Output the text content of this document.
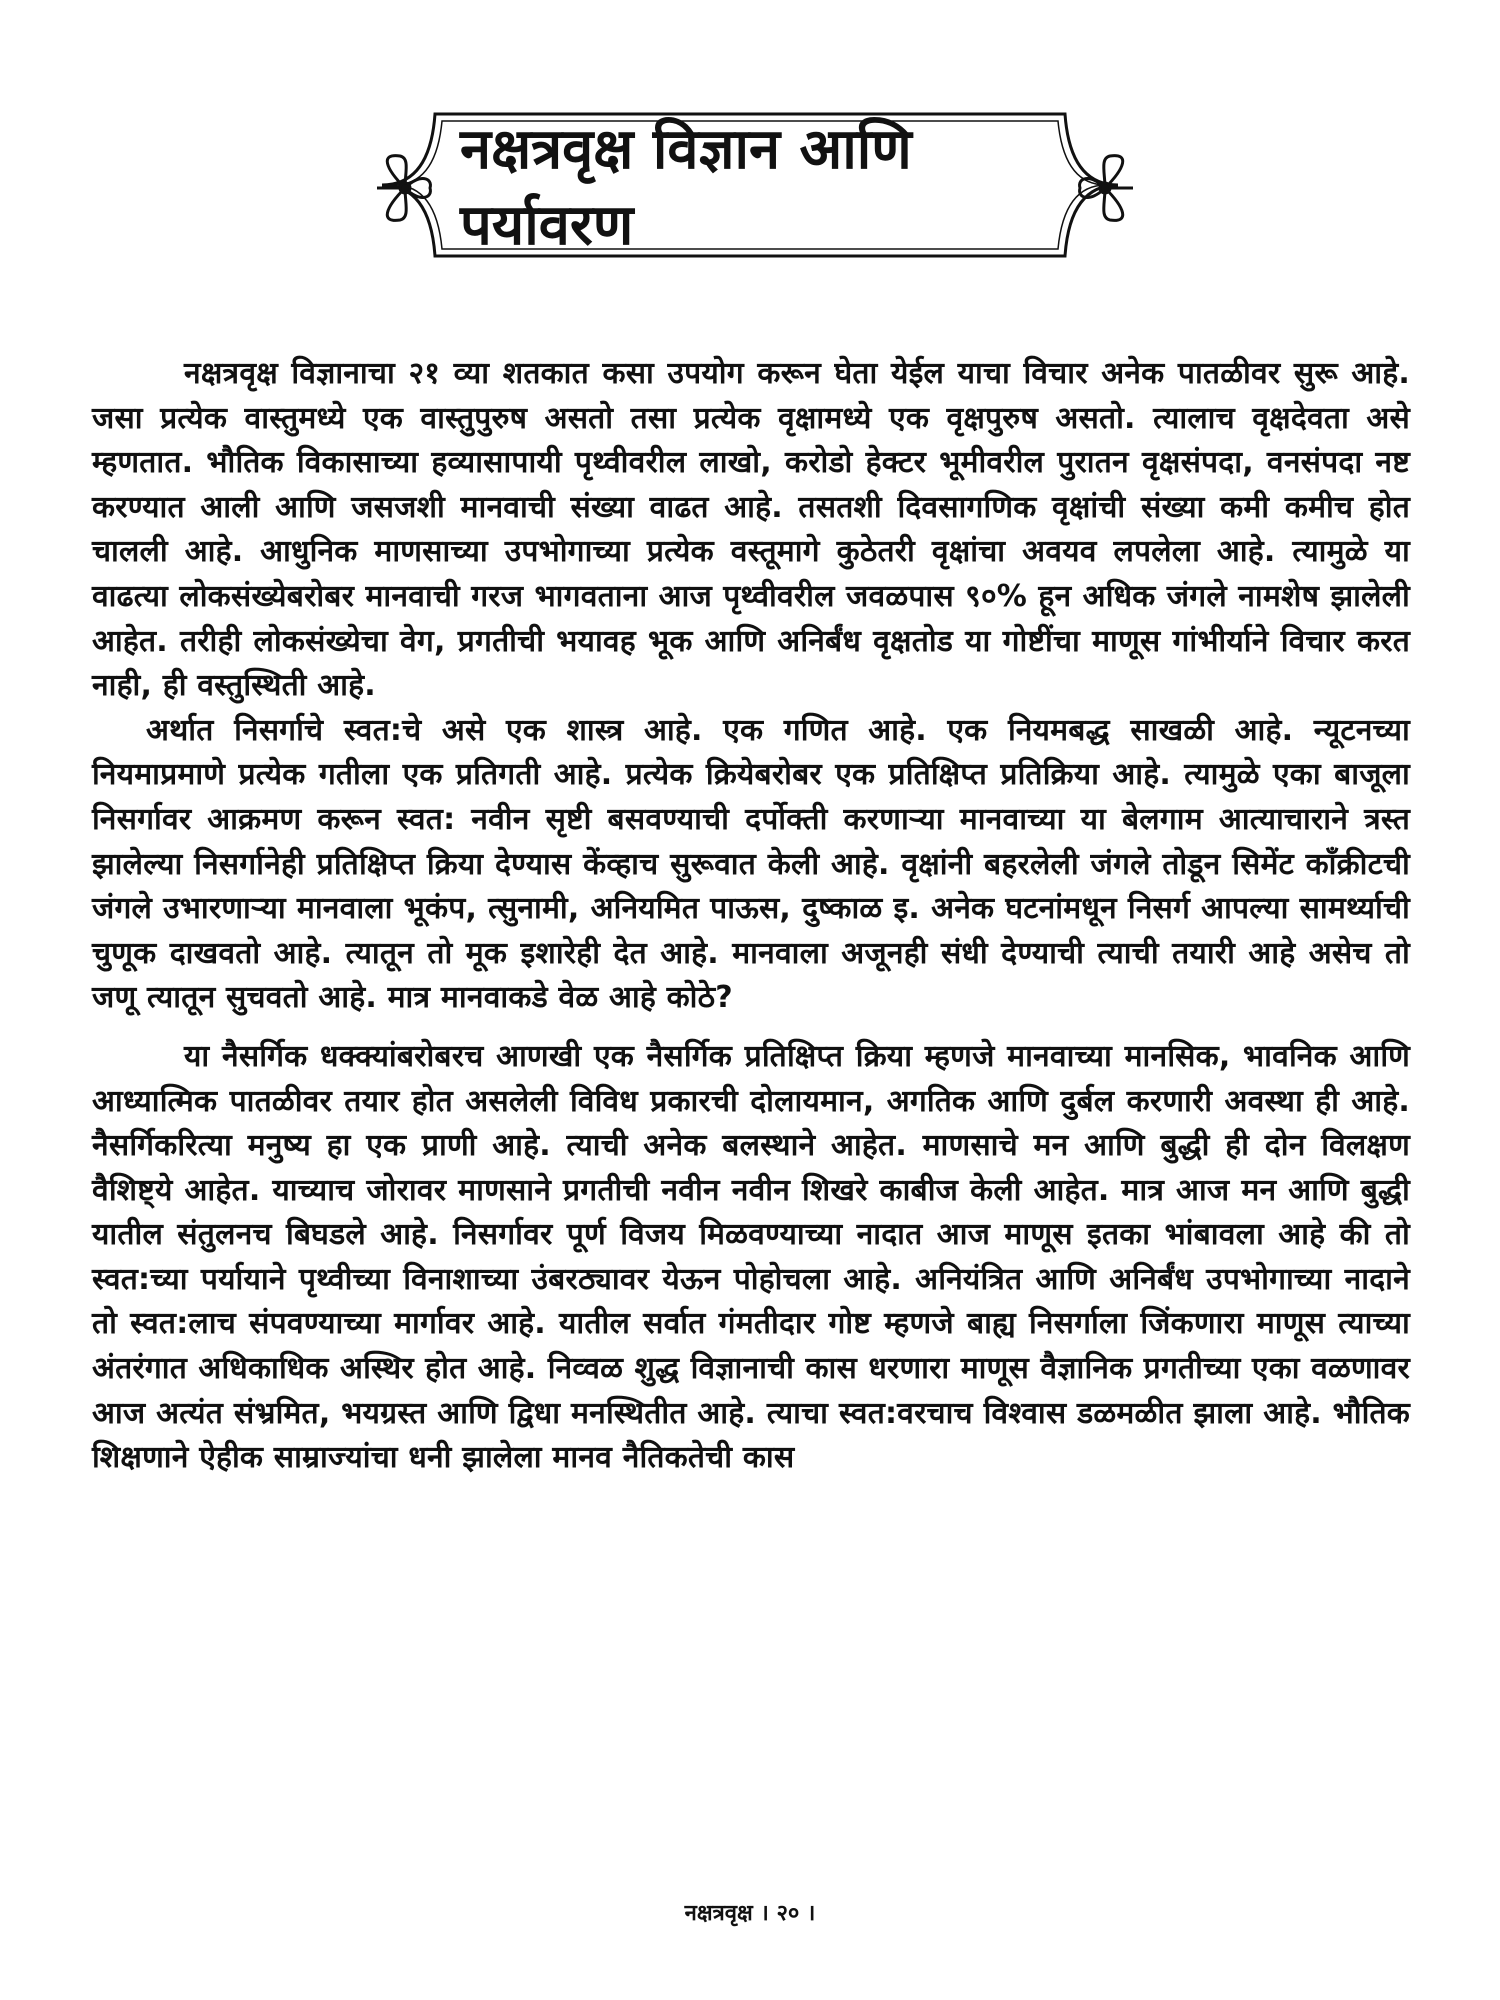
नक्षत्रवृक्ष विज्ञान आणि पर्यावरण

नक्षत्रवृक्ष विज्ञानाचा २१ व्या शतकात कसा उपयोग करून घेता येईल याचा विचार अनेक पातळीवर सुरू आहे. जसा प्रत्येक वास्तुमध्ये एक वास्तुपुरुष असतो तसा प्रत्येक वृक्षामध्ये एक वृक्षपुरुष असतो. त्यालाच वृक्षदेवता असे म्हणतात. भौतिक विकासाच्या हव्यासापायी पृथ्वीवरील लाखो, करोडो हेक्टर भूमीवरील पुरातन वृक्षसंपदा, वनसंपदा नष्ट करण्यात आली आणि जसजशी मानवाची संख्या वाढत आहे. तसतशी दिवसागणिक वृक्षांची संख्या कमी कमीच होत चालली आहे. आधुनिक माणसाच्या उपभोगाच्या प्रत्येक वस्तूमागे कुठेतरी वृक्षांचा अवयव लपलेला आहे. त्यामुळे या वाढत्या लोकसंख्येबरोबर मानवाची गरज भागवताना आज पृथ्वीवरील जवळपास ९०% हून अधिक जंगले नामशेष झालेली आहेत. तरीही लोकसंख्येचा वेग, प्रगतीची भयावह भूक आणि अनिर्बंध वृक्षतोड या गोष्टींचा माणूस गांभीर्याने विचार करत नाही, ही वस्तुस्थिती आहे.

अर्थात निसर्गाचे स्वत:चे असे एक शास्त्र आहे. एक गणित आहे. एक नियमबद्ध साखळी आहे. न्यूटनच्या नियमाप्रमाणे प्रत्येक गतीला एक प्रतिगती आहे. प्रत्येक क्रियेबरोबर एक प्रतिक्षिप्त प्रतिक्रिया आहे. त्यामुळे एका बाजूला निसर्गावर आक्रमण करून स्वत: नवीन सृष्टी बसवण्याची दर्पोक्ती करणाऱ्या मानवाच्या या बेलगाम आत्याचाराने त्रस्त झालेल्या निसर्गानेही प्रतिक्षिप्त क्रिया देण्यास केंव्हाच सुरूवात केली आहे. वृक्षांनी बहरलेली जंगले तोडून सिमेंट कॉंक्रीटची जंगले उभारणाऱ्या मानवाला भूकंप, त्सुनामी, अनियमित पाऊस, दुष्काळ इ. अनेक घटनांमधून निसर्ग आपल्या सामर्थ्याची चुणूक दाखवतो आहे. त्यातून तो मूक इशारेही देत आहे. मानवाला अजूनही संधी देण्याची त्याची तयारी आहे असेच तो जणू त्यातून सुचवतो आहे. मात्र मानवाकडे वेळ आहे कोठे?

या नैसर्गिक धक्क्यांबरोबरच आणखी एक नैसर्गिक प्रतिक्षिप्त क्रिया म्हणजे मानवाच्या मानसिक, भावनिक आणि आध्यात्मिक पातळीवर तयार होत असलेली विविध प्रकारची दोलायमान, अगतिक आणि दुर्बल करणारी अवस्था ही आहे. नैसर्गिकरित्या मनुष्य हा एक प्राणी आहे. त्याची अनेक बलस्थाने आहेत. माणसाचे मन आणि बुद्धी ही दोन विलक्षण वैशिष्ट्ये आहेत. याच्याच जोरावर माणसाने प्रगतीची नवीन नवीन शिखरे काबीज केली आहेत. मात्र आज मन आणि बुद्धी यातील संतुलनच बिघडले आहे. निसर्गावर पूर्ण विजय मिळवण्याच्या नादात आज माणूस इतका भांबावला आहे की तो स्वत:च्या पर्यायाने पृथ्वीच्या विनाशाच्या उंबरठ्यावर येऊन पोहोचला आहे. अनियंत्रित आणि अनिर्बंध उपभोगाच्या नादाने तो स्वत:लाच संपवण्याच्या मार्गावर आहे. यातील सर्वात गंमतीदार गोष्ट म्हणजे बाह्य निसर्गाला जिंकणारा माणूस त्याच्या अंतरंगात अधिकाधिक अस्थिर होत आहे. निव्वळ शुद्ध विज्ञानाची कास धरणारा माणूस वैज्ञानिक प्रगतीच्या एका वळणावर आज अत्यंत संभ्रमित, भयग्रस्त आणि द्विधा मनस्थितीत आहे. त्याचा स्वत:वरचाच विश्वास डळमळीत झाला आहे. भौतिक शिक्षणाने ऐहीक साम्राज्यांचा धनी झालेला मानव नैतिकतेची कास

नक्षत्रवृक्ष । २० ।
